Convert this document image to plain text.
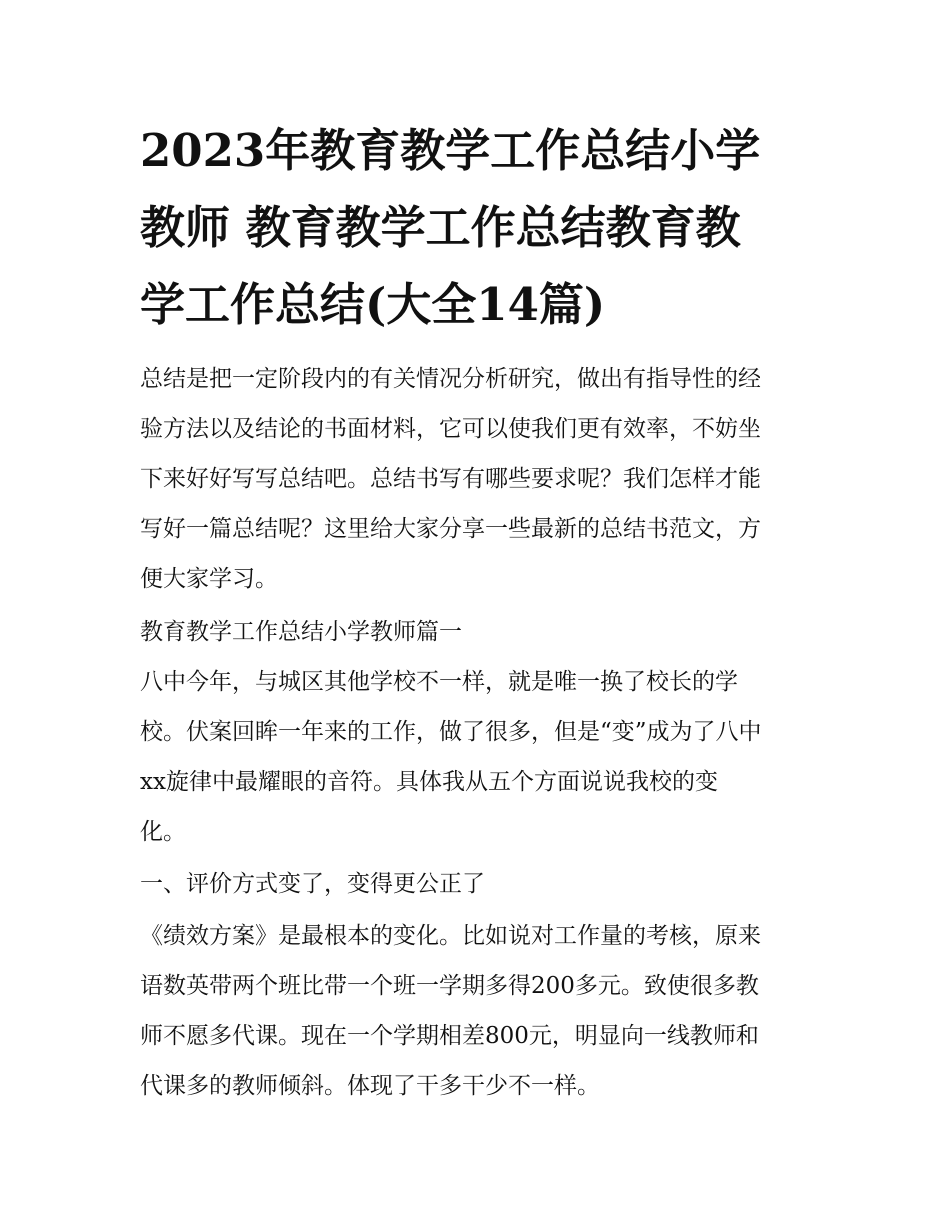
2023年教育教学工作总结小学
教师 教育教学工作总结教育教
学工作总结(大全14篇)

总结是把一定阶段内的有关情况分析研究，做出有指导性的经

验方法以及结论的书面材料，它可以使我们更有效率，不妨坐

下来好好写写总结吧。总结书写有哪些要求呢？我们怎样才能

写好一篇总结呢？这里给大家分享一些最新的总结书范文，方

便大家学习。

教育教学工作总结小学教师篇一

八中今年，与城区其他学校不一样，就是唯一换了校长的学

校。伏案回眸一年来的工作，做了很多，但是“变”成为了八中

xx旋律中最耀眼的音符。具体我从五个方面说说我校的变

化。

一、评价方式变了，变得更公正了

《绩效方案》是最根本的变化。比如说对工作量的考核，原来

语数英带两个班比带一个班一学期多得200多元。致使很多教

师不愿多代课。现在一个学期相差800元，明显向一线教师和

代课多的教师倾斜。体现了干多干少不一样。
